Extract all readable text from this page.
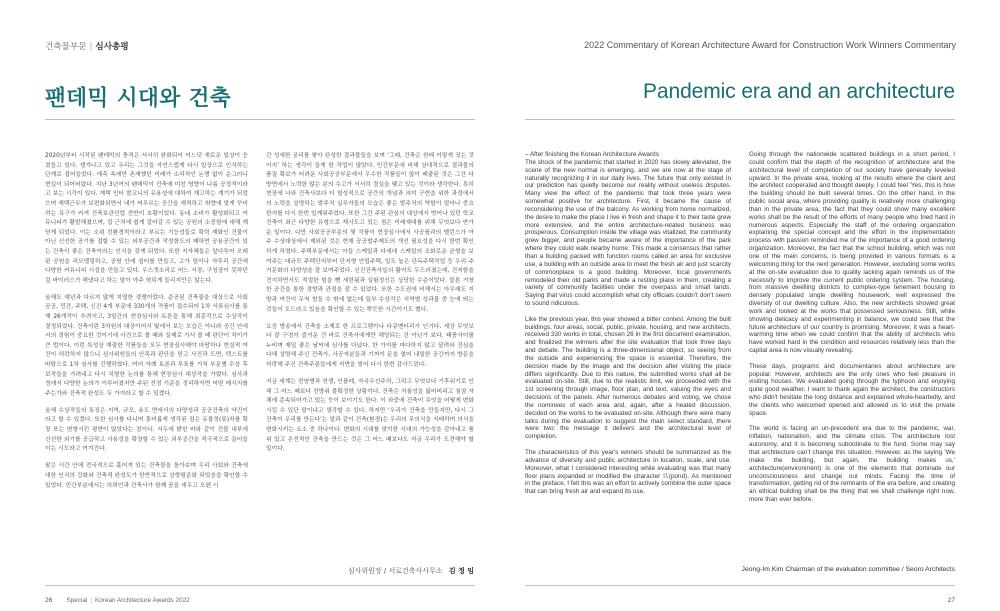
건축물부문 | 심사총평	2022 Commentary of Korean Architecture Award for Construction Work Winners Commentary
팬데믹 시대와 건축	Pandemic era and an architecture

2020년부터 시작된 팬데믹의 충격은 서서히 완화되어 어느덧 새로운 일상이 응겼들고 있다. 생겨나고 있고 우리는 그것을 자연스럽게 다시 일상으로 인식하는 단계로 접어들었다. 예측 속에만 존재했던 미래가 소리적인 논쟁 없이 순그러니 현실이 되어버렸다. 지난 3년여의 팬데믹이 건축에 미친 영향이 나름 공정적이라고 보는 시각이 있다. 재택 인터 발코니의 유용성에 대하여 재고하는 계기가 되었으며 재택근무가 보편화되면서 내가 머무르는 공간을 재적하고 취향에 맞게 꾸미려는 욕구가 커져 건축호관선업 전반이 호황이었다. 동네 소비가 활성화되고 커뮤니티가 활발해졌으며, 집 근처에 쉽게 걸어갈 수 있는 공원의 소중함에 대해 깨닫게 되었다. 이는 소위 친환경적이라고 부르는 기능성들로 확력 재화인 건물이 아닌 신선한 공기를 접할 수 있는 외부공간과 작정함도의 패하면 공용공간이 있는 건축이 좋은 건축이라는 인식을 갖게 되었다. 또한 지자체들은 앞다투어 오래된 공원을 리모델링하고, 공원 안에 쉼터를 만들고, 고가 밑이나 자투리 공간에 다양한 커뮤니티 시설을 만들고 있다. 우스갯소리로 어느 시장, 구청장이 못하던 걸 바이러스가 해냈다고 하는 말이 아주 헛되게 들리지만은 않는다.

올해도 예년과 다르지 않게 치열한 경쟁이었다. 준공된 건축물을 대상으로 사회공공, 민간, 주택, 신진 4개 부문에 330개의 작품이 접수되어 1차 서류심사를 통해 26개작이 추려지고, 3일간의 현장심사와 토론을 통해 최종작으로 수상작이 결정되었다. 건축이란 3차원의 대상이어서 빛에서 보는 모습은 아니라 공간 안에서의 경험이 중요한 것이기에 사진으로 볼 때와 실제로 가서 볼 때 판단이 차이가 큰 법이다. 이런 특성상 재출한 작품들을 모두 현장심사해야 마땅하나 현실적 여건이 허락하지 않으니 심사위원들의 안목과 판단을 믿고 사진과 도면, 텍스트를 바탕으로 1차 심사를 진행하였다. 여러 자례 토론과 투표를 거쳐 부문별 수상 후보작들을 가려내고 다시 치열한 논의를 통해 현장심사 대상작을 가렸다. 심사과정에서 다양한 논의가 이루어졌지만 주된 선정 기준을 정리하자면 어떤 메시지를 주는가와 건축적 완성도 두 가지라고 할 수 있겠다.

올해 수상작들의 특징은 지역, 규모, 용도 면에서의 다양성과 공공건축의 약진이라고 할 수 있겠다. 또한 심사를 다니며 흥미롭게 생각된 점은 유물정(류)차를 확장 또는 변형시킨 평면이 많았다는 점이다. 서두에 밝힌 바와 같이 건물 내부에 신선한 외기를 공급하고 사용성을 확장할 수 있는 외부공간을 적극적으로 끌어들이는 시도라고 여겨진다.

팔은 시간 안에 전국적으로 흩어져 있는 건축물을 돌아보며 우리 사회와 건축에 대한 인식의 강화와 건축적 완성도가 한반적으로 상향평준화 되었음을 확인할 수 있었다. 민간부분에서는 의뢰인과 건축사가 함께 꿈을 세우고 오랜 시

간 성세한 궁리를 쌓아 완성한 결과물들을 보며 ‘그래, 건축은 원래 이렇게 짓는 것이지’ 하는 생각이 들게 한 작업이 많았다. 민간부문에 비해 상대적으로 결과물의 품질 확보가 어려운 사회공공부문에서 우수한 작품들이 많이 배출된 것은 그간 다방면에서 노력한 많은 분의 수고가 서서히 결실을 맺고 있는 것이라 생각한다. 특히 현장에 나와 건축사보다 더 열성적으로 공간의 개념과 의미 구현을 위한 과정에서의 노력을 설명하는 발주처 실무자들의 모습은 좋은 발주처의 역할이 얼마나 중요한지를 다시 한번 일깨워주었다. 또한 그간 주된 관심의 대상에서 벗어나 있던 학교건축이 최근 다양한 유형으로 재시도고 있는 점은 미래세대를 위해 무엇보다 반가운 일이다. 다만 사회공공부문의 몇 작품이 현장심사에서 사공품과의 밸런스가 아주 수상대상에서 제외된 것은 현재 공공발주제도의 개선 필요성을 다시 한번 확인하게 하였다. 주택부문에서는 아들 스케일과 다세대 스케일의 조화로운 균형을 보여주는 대규모 주택단지부터 단지형 연립주택, 일도 높은 단독주택작업 등 우리 주거문화의 다양성을 잘 보여주었다. 신진건축사들의 활약도 두드러졌는데, 진지함을 견지하면서도 적절한 힘을 뺀 세련됨과 실험정신은 상당한 수준이었다. 물론 거창한 공간을 통한 경향과 관점을 잘 수 있었다. 또한 수도권에 비해서는 아우래도 지방과 여건이 무척 힘들 수 밖에 없는데 일부 수상작은 지역별 성과물 중 눈에 띄는 것들이 도드라고 있음을 확인할 수 있는 뿌듯한 시간이기도 했다.

요즘 방송에서 건축을 소재로 한 프로그램이나 다큐멘터리가 인기다. 세상 무엇보다 잘 구경이 즐거운 건 바로 건축사에게만 해당되는 건 아닌가 보다. 태풍사이를 누비며 제일 좋은 날씨에 심사를 다녔다. 한 가지를 마다하지 않고 달려와 진심을 다해 설명해 주신 건축가, 사공자분들과 기꺼이 문을 열어 내일한 공간까지 방문을 허락해 주신 건축주분들에게 지면을 빌어 다시 한번 감사드린다.

지금 세계는 전염병과 전쟁, 인플레, 자국우선주의, 그리고 무엇보다 기후위기로 인해 그 어느 때보다 전방위 불확정한 상황이다. 건축은 자율성을 잃어버리고 침잠 자체에 종속되어가고 있는 듯이 보이기도 한다. 이 와중에 건축이 무엇을 어떻게 변화시킬 수 있단 말이냐고 생각할 수 있다. 하지만 ‘우리가 건축을 만들지만, 다시 그 건축이 우리를 만든다’는 말과 같이 건축(환경)은 우리의 무의식을 지배하며 의식을 변화시키는 요소 중 하나이다. 변화의 시대를 맞이한 시대의 가능성을 감아내고 품위 있고 온전적인 건축을 만드는 것은 그 어느 때보다도 지금 우리가 도전해야 할 일이다.

심사위원장 / 서로건축사사무소 김 정 임

– After finishing the Korean Architecture Awards
The shock of the pandemic that started in 2020 has slowly alleviated, the scene of the new normal is emerging, and we are now at the stage of naturally recognizing it in our daily lives. The future that only existed in our prediction has quietly become our reality without useless disputes. Many view the effect of the pandemic that took three years were somewhat positive for architecture. First, it became the cause of reconsidering the use of the balcony. As working from home normalized, the desire to make the place I live in fresh and shape it to their taste grew more extensive, and the entire architecture-related business was prosperous. Consumption inside the village was vitalized, the community grew bigger, and people became aware of the importance of the park where they could walk nearby home. This made a consensus that rather than a building packed with function rooms called an area for exclusive use, a building with an outside area to meet the fresh air and just scarcity of commonplace is a good building. Moreover, local governments remodeled their old parks and made a resting place in them, creating a variety of community facilities under the overpass and small lands. Saying that virus could accomplish what city officials couldn't don't seem to sound ridiculous.

Like the previous year, this year showed a bitter contest. Among the built buildings, four areas, social, public, private, housing, and new architects, received 330 works in total, chosen 26 in the first document examination, and finalized the winners after the site evaluation that took three days and debate. The building is a three-dimensional object, so seeing from the outside and experiencing the space is essential. Therefore, the decision made by the image and the decision after visiting the place differs significantly. Due to this nature, the submitted works shall all be evaluated on-site. Still, due to the realistic limit, we proceeded with the 1st screening through image, floor plan, and text, valuing the eyes and decisions of the panels. After numerous debates and voting, we chose the nominees of each area and, again, after a heated discussion, decided on the works to be evaluated on-site. Although there were many talks during the evaluation to suggest the main select standard, there were two: the message it delivers and the architectural level of completion.

The characteristics of this year's winners should be summarized as the advance of diversity and public architecture in location, scale, and use. Moreover, what I considered interesting while evaluating was that many floor plans expanded or modified the character 뜨(pond). As mentioned in the preface, I felt this was an effort to actively combine the outer space that can bring fresh air and expand its use.

Going through the nationwide scattered buildings in a short period, I could confirm that the depth of the recognition of architecture and the architectural level of completion of our society have generally leveled upward. In the private area, looking at the results where the client and the architect cooperated and thought deeply, I could feel 'Yes, this is how the building should be built several times. On the other hand, in the public social area, where providing quality is relatively more challenging than in the private area, the fact that they could show many excellent works shall be the result of the efforts of many people who tried hard in numerous aspects. Especially the staff of the ordering organization explaining the special concept and the effort in the implementation process with passion reminded me of the importance of a good ordering organization. Moreover, the fact that the school building, which was not one of the main concerns, is being provided in various formats is a welcoming thing for the next generation. However, excluding some works at the on-site evaluation due to quality lacking again reminds us of the necessity to improve the current public ordering system. The housing, from massive dwelling districts to complex-type tenement housing to densely populated single dwelling housework, well expressed the diversity of our dwelling culture. Also, the new architects showed great work and looked at the works that possessed seriousness. Still, while showing delicacy and experimenting in balance, we could see that the future architecture of our country is promising. Moreover, it was a heart-warming time when we could confirm that the ability of architects who have worked hard in the condition and resources relatively less than the capital area is now visually revealing.

These days, programs and documentaries about architecture are popular. However, architects are the only ones who feel pleasure in visiting houses. We evaluated going through the typhoon and enjoying quite good weather. I want to thank again the architect, the constructors who didn't hesitate the long distance and explained whole-heartedly, and the clients who welcomed opened and allowed us to visit the private space.

The world is facing an un-precedent era due to the pandemic, war, inflation, nationalism, and the climate crisis. The architecture lost autonomy, and it is becoming subordinate to the fund. Some may say that architecture can't change this situation. However, as the saying 'We make the building, but again, the building makes us,' architecture(environment) is one of the elements that dominate our unconsciousness and change our minds. Facing the time of transformation, getting rid of the remnants of the era before, and creating an ethical building shall be the thing that we shall challenge right now, more than ever before.

Jeong-Im Kim Chairman of the evaluation committee / Seoro Architects
26 Special | Korean Architecture Awards 2022	27
